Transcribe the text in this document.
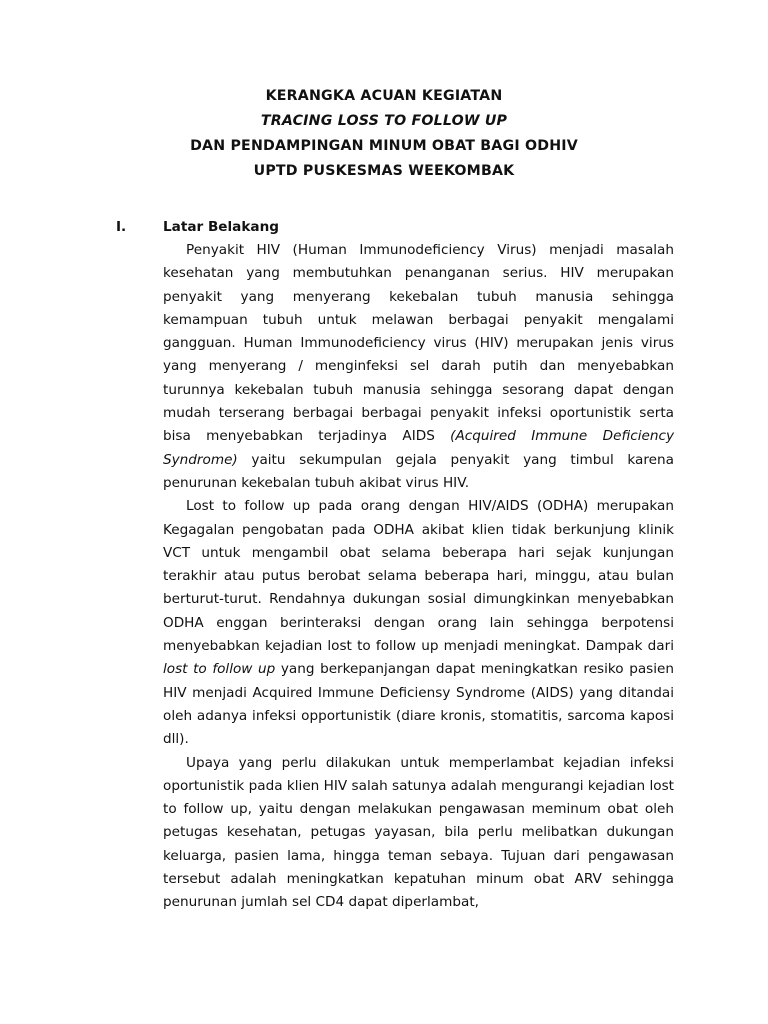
KERANGKA ACUAN KEGIATAN
TRACING LOSS TO FOLLOW UP
DAN PENDAMPINGAN MINUM OBAT BAGI ODHIV
UPTD PUSKESMAS WEEKOMBAK
I.	Latar Belakang

Penyakit HIV (Human Immunodeficiency Virus) menjadi masalah kesehatan yang membutuhkan penanganan serius. HIV merupakan penyakit yang menyerang kekebalan tubuh manusia sehingga kemampuan tubuh untuk melawan berbagai penyakit mengalami gangguan. Human Immunodeficiency virus (HIV) merupakan jenis virus yang menyerang / menginfeksi sel darah putih dan menyebabkan turunnya kekebalan tubuh manusia sehingga sesorang dapat dengan mudah terserang berbagai berbagai penyakit infeksi oportunistik serta bisa menyebabkan terjadinya AIDS (Acquired Immune Deficiency Syndrome) yaitu sekumpulan gejala penyakit yang timbul karena penurunan kekebalan tubuh akibat virus HIV.

Lost to follow up pada orang dengan HIV/AIDS (ODHA) merupakan Kegagalan pengobatan pada ODHA akibat klien tidak berkunjung klinik VCT untuk mengambil obat selama beberapa hari sejak kunjungan terakhir atau putus berobat selama beberapa hari, minggu, atau bulan berturut-turut. Rendahnya dukungan sosial dimungkinkan menyebabkan ODHA enggan berinteraksi dengan orang lain sehingga berpotensi menyebabkan kejadian lost to follow up menjadi meningkat. Dampak dari lost to follow up yang berkepanjangan dapat meningkatkan resiko pasien HIV menjadi Acquired Immune Deficiensy Syndrome (AIDS) yang ditandai oleh adanya infeksi opportunistik (diare kronis, stomatitis, sarcoma kaposi dll).

Upaya yang perlu dilakukan untuk memperlambat kejadian infeksi oportunistik pada klien HIV salah satunya adalah mengurangi kejadian lost to follow up, yaitu dengan melakukan pengawasan meminum obat oleh petugas kesehatan, petugas yayasan, bila perlu melibatkan dukungan keluarga, pasien lama, hingga teman sebaya. Tujuan dari pengawasan tersebut adalah meningkatkan kepatuhan minum obat ARV sehingga penurunan jumlah sel CD4 dapat diperlambat,
